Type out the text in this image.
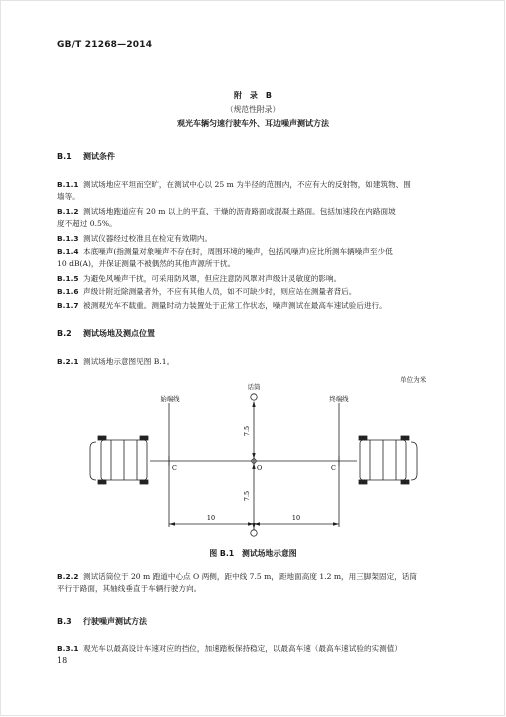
GB/T 21268—2014
附　录　B
（规范性附录）
观光车辆匀速行驶车外、耳边噪声测试方法
B.1 测试条件
B.1.1 测试场地应平坦而空旷，在测试中心以 25 m 为半径的范围内，不应有大的反射物，如建筑物、围
墙等。
B.1.2 测试场地跑道应有 20 m 以上的平直、干燥的沥青路面或混凝土路面。包括加速段在内路面坡
度不超过 0.5%。
B.1.3 测试仪器经过校准且在检定有效期内。
B.1.4 本底噪声(指测量对象噪声不存在时，周围环境的噪声，包括风噪声)应比所测车辆噪声至少低
10 dB(A)，并保证测量不被偶然的其他声源所干扰。
B.1.5 为避免风噪声干扰，可采用防风罩，但应注意防风罩对声级计灵敏度的影响。
B.1.6 声级计附近除测量者外，不应有其他人员，如不可缺少时，则应站在测量者背后。
B.1.7 被测观光车不载重。测量时动力装置处于正常工作状态，噪声测试在最高车速试验后进行。
B.2 测试场地及测点位置
B.2.1 测试场地示意图见图 B.1。
单位为米
话筒
始端线	终端线
C	O	C
7.5
7.5
10	10
图 B.1　测试场地示意图
B.2.2 测试话筒位于 20 m 跑道中心点 O 两侧，距中线 7.5 m，距地面高度 1.2 m，用三脚架固定，话筒
平行于路面，其轴线垂直于车辆行驶方向。
B.3 行驶噪声测试方法
B.3.1 观光车以最高设计车速对应的挡位，加速踏板保持稳定，以最高车速（最高车速试验的实测值）
18
